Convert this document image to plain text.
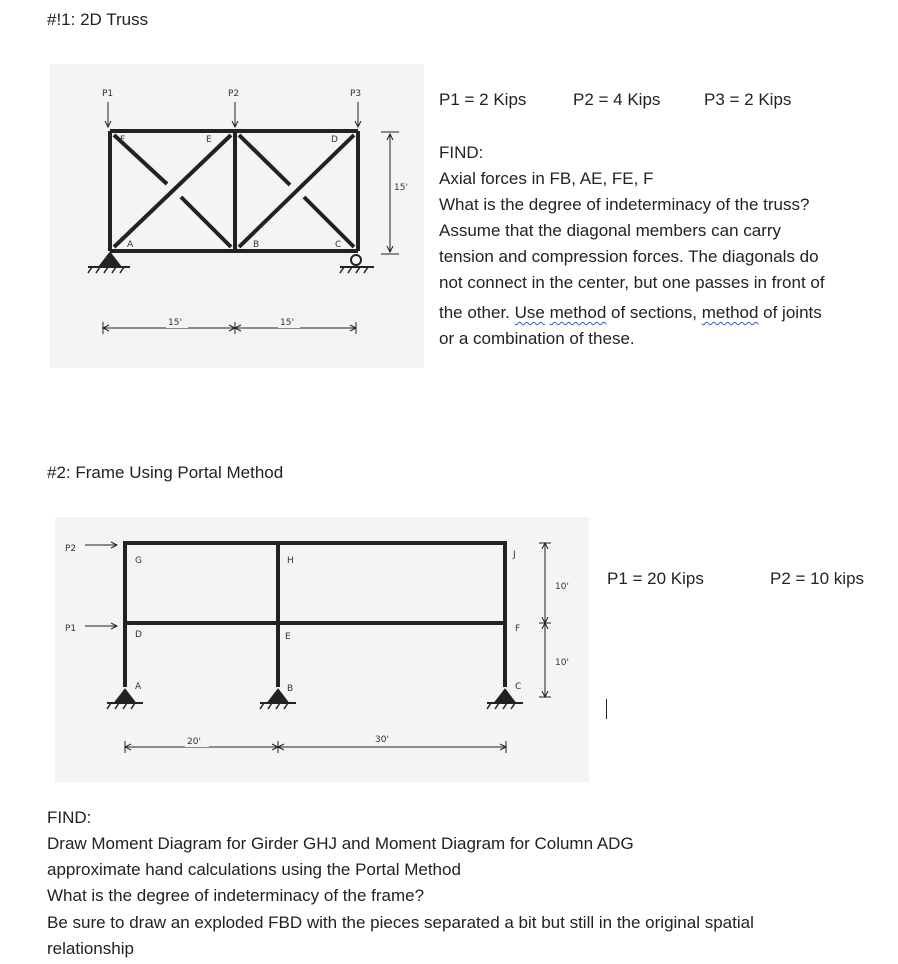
#!1: 2D Truss
P1	P2	P3
F	E	D
A	B	C
15'
15'	15'
P1 = 2 Kips	P2 = 4 Kips	P3 = 2 Kips
FIND:
Axial forces in FB, AE, FE, F
What is the degree of indeterminacy of the truss?
Assume that the diagonal members can carry
tension and compression forces. The diagonals do
not connect in the center, but one passes in front of
the other. Use method of sections, method of joints
or a combination of these.
#2: Frame Using Portal Method
P2
P1
G	H
J
D	E
F
A	B	C
10'
10'
20'	30'
P1 = 20 Kips	P2 = 10 kips
FIND:
Draw Moment Diagram for Girder GHJ and Moment Diagram for Column ADG
approximate hand calculations using the Portal Method
What is the degree of indeterminacy of the frame?
Be sure to draw an exploded FBD with the pieces separated a bit but still in the original spatial
relationship
